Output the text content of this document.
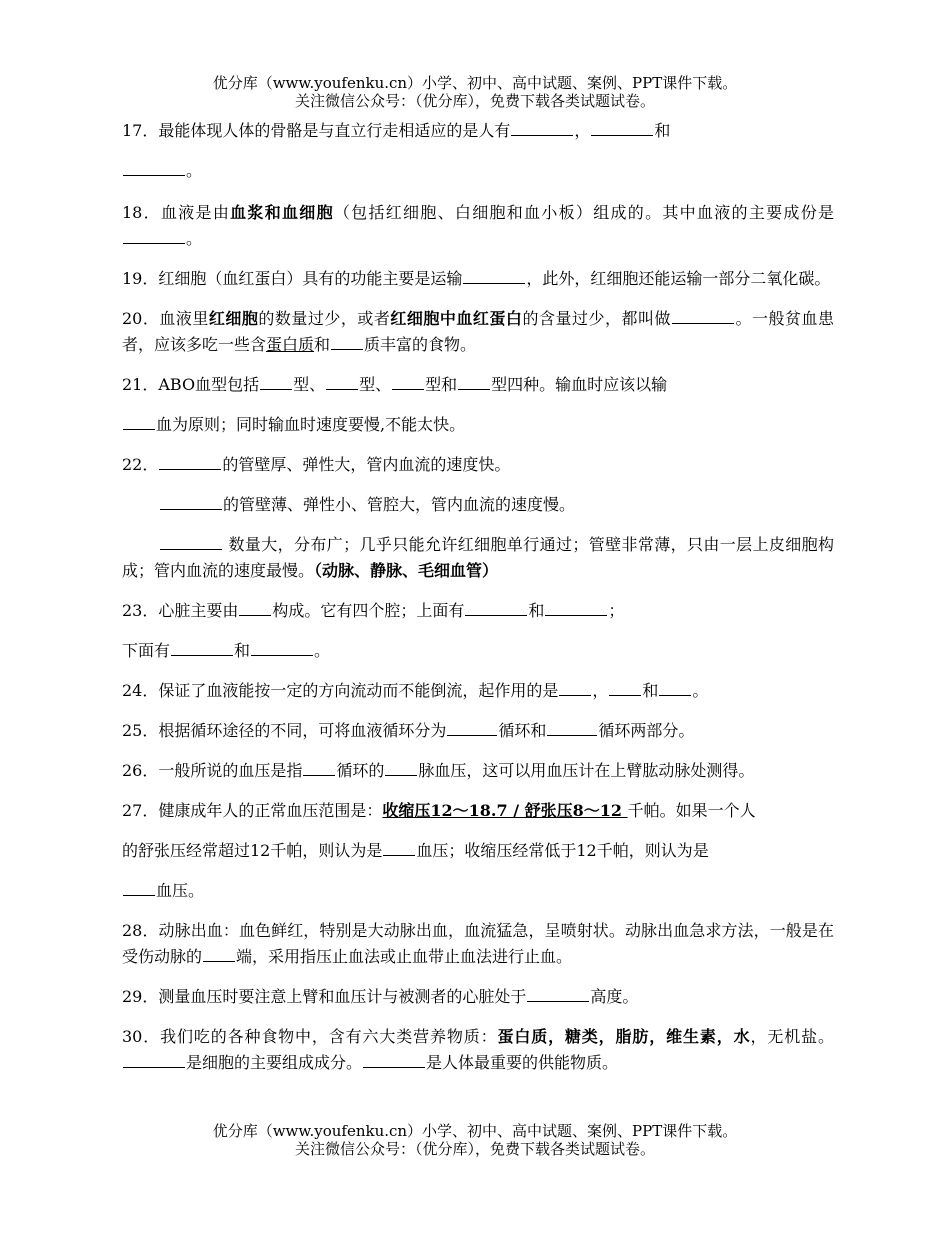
优分库（www.youfenku.cn）小学、初中、高中试题、案例、PPT课件下载。
关注微信公众号：（优分库），免费下载各类试题试卷。

17．最能体现人体的骨骼是与直立行走相适应的是人有	，	和

。

18．血液是由血浆和血细胞（包括红细胞、白细胞和血小板）组成的。其中血液的主要成份是。

19．红细胞（血红蛋白）具有的功能主要是运输	，此外，红细胞还能运输一部分二氧化碳。

20．血液里红细胞的数量过少，或者红细胞中血红蛋白的含量过少，都叫做	。一般贫血患者，应该多吃一些含蛋白质和 质丰富的食物。

21．ABO血型包括 型、 型、 型和 型四种。输血时应该以输

血为原则；同时输血时速度要慢,不能太快。

22．	的管壁厚、弹性大，管内血流的速度快。

的管壁薄、弹性小、管腔大，管内血流的速度慢。

数量大，分布广；几乎只能允许红细胞单行通过；管壁非常薄，只由一层上皮细胞构成；管内血流的速度最慢。（动脉、静脉、毛细血管）

23．心脏主要由 构成。它有四个腔；上面有	和	；

下面有	和	。

24．保证了血液能按一定的方向流动而不能倒流，起作用的是 ， 和 。

25．根据循环途径的不同，可将血液循环分为	循环和	循环两部分。

26．一般所说的血压是指 循环的 脉血压，这可以用血压计在上臂肱动脉处测得。

27．健康成年人的正常血压范围是：收缩压12～18.7 / 舒张压8～12 千帕。如果一个人

的舒张压经常超过12千帕，则认为是 血压；收缩压经常低于12千帕，则认为是

血压。

28．动脉出血：血色鲜红，特别是大动脉出血，血流猛急，呈喷射状。动脉出血急求方法，一般是在受伤动脉的 端，采用指压止血法或止血带止血法进行止血。

29．测量血压时要注意上臂和血压计与被测者的心脏处于	高度。

30．我们吃的各种食物中，含有六大类营养物质：蛋白质，糖类，脂肪，维生素，水，无机盐。是细胞的主要组成成分。	是人体最重要的供能物质。

优分库（www.youfenku.cn）小学、初中、高中试题、案例、PPT课件下载。
关注微信公众号：（优分库），免费下载各类试题试卷。
